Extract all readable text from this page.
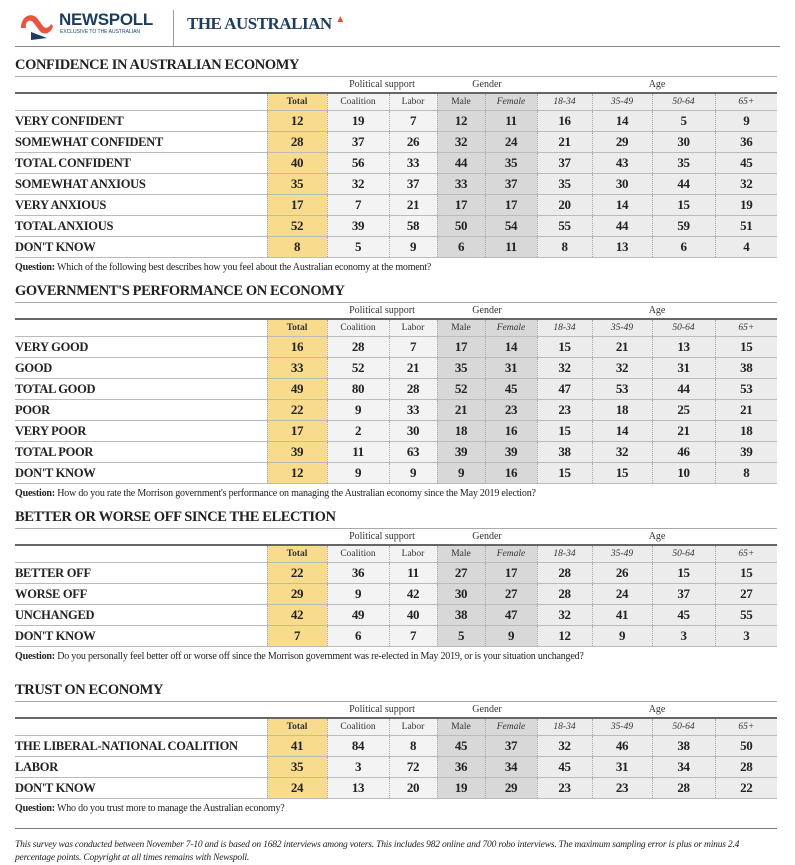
NEWSPOLL
EXCLUSIVE TO THE AUSTRALIAN	THE AUSTRALIAN ▲
CONFIDENCE IN AUSTRALIAN ECONOMY
		Political support		Gender		Age			
	Total	Coalition	Labor	Male	Female	18-34	35-49	50-64	65+
VERY CONFIDENT	12	19	7	12	11	16	14	5	9
SOMEWHAT CONFIDENT	28	37	26	32	24	21	29	30	36
TOTAL CONFIDENT	40	56	33	44	35	37	43	35	45
SOMEWHAT ANXIOUS	35	32	37	33	37	35	30	44	32
VERY ANXIOUS	17	7	21	17	17	20	14	15	19
TOTAL ANXIOUS	52	39	58	50	54	55	44	59	51
DON'T KNOW	8	5	9	6	11	8	13	6	4
Question: Which of the following best describes how you feel about the Australian economy at the moment?
GOVERNMENT'S PERFORMANCE ON ECONOMY
		Political support		Gender		Age			
	Total	Coalition	Labor	Male	Female	18-34	35-49	50-64	65+
VERY GOOD	16	28	7	17	14	15	21	13	15
GOOD	33	52	21	35	31	32	32	31	38
TOTAL GOOD	49	80	28	52	45	47	53	44	53
POOR	22	9	33	21	23	23	18	25	21
VERY POOR	17	2	30	18	16	15	14	21	18
TOTAL POOR	39	11	63	39	39	38	32	46	39
DON'T KNOW	12	9	9	9	16	15	15	10	8
Question: How do you rate the Morrison government's performance on managing the Australian economy since the May 2019 election?
BETTER OR WORSE OFF SINCE THE ELECTION
		Political support		Gender		Age			
	Total	Coalition	Labor	Male	Female	18-34	35-49	50-64	65+
BETTER OFF	22	36	11	27	17	28	26	15	15
WORSE OFF	29	9	42	30	27	28	24	37	27
UNCHANGED	42	49	40	38	47	32	41	45	55
DON'T KNOW	7	6	7	5	9	12	9	3	3
Question: Do you personally feel better off or worse off since the Morrison government was re-elected in May 2019, or is your situation unchanged?
TRUST ON ECONOMY
		Political support		Gender		Age			
	Total	Coalition	Labor	Male	Female	18-34	35-49	50-64	65+
THE LIBERAL-NATIONAL COALITION	41	84	8	45	37	32	46	38	50
LABOR	35	3	72	36	34	45	31	34	28
DON'T KNOW	24	13	20	19	29	23	23	28	22
Question: Who do you trust more to manage the Australian economy?
This survey was conducted between November 7-10 and is based on 1682 interviews among voters. This includes 982 online and 700 robo interviews. The maximum sampling error is plus or minus 2.4 percentage points. Copyright at all times remains with Newspoll.
